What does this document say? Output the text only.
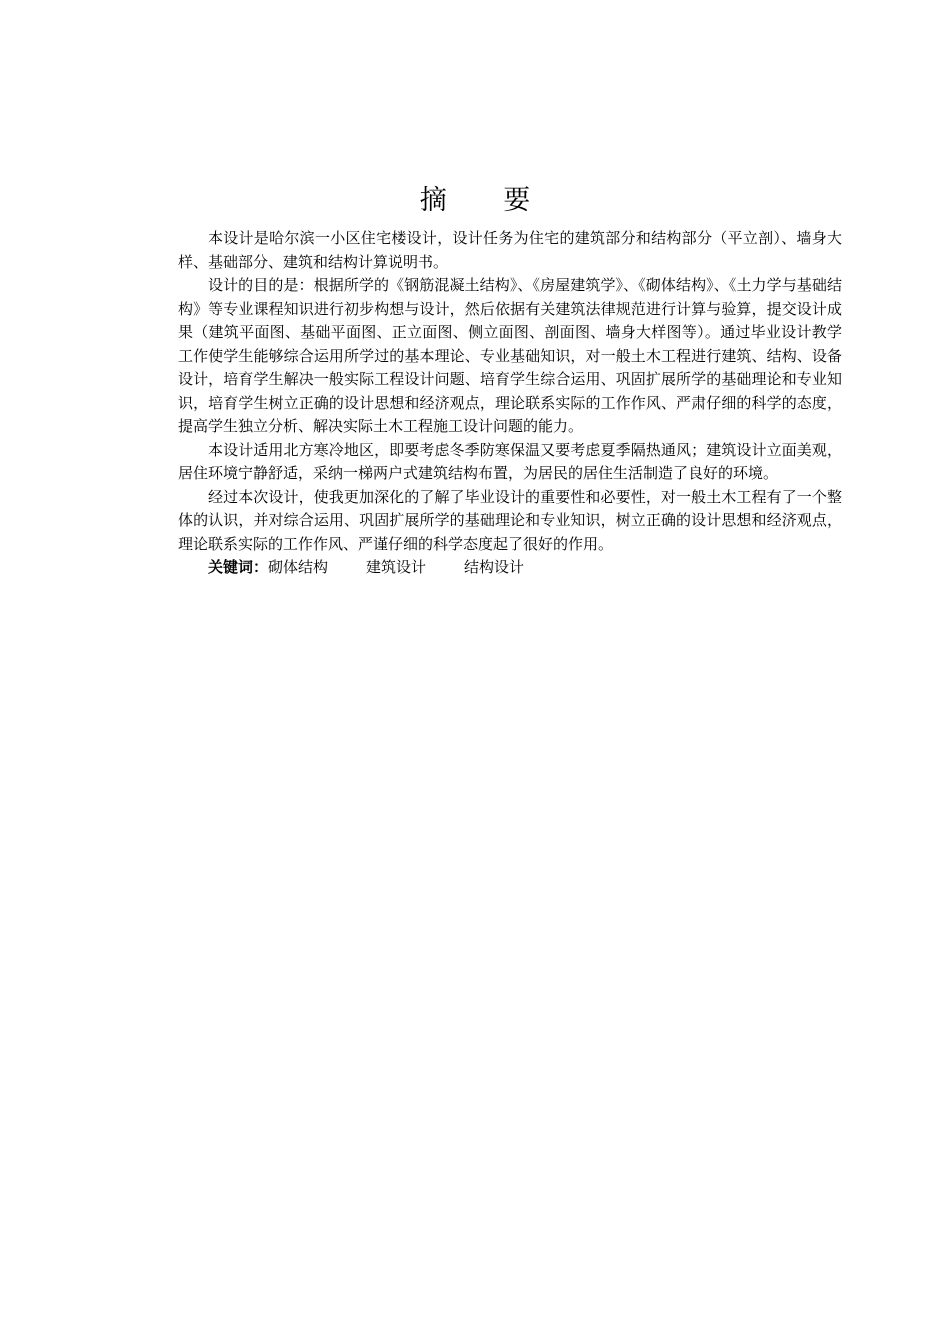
摘 要

本设计是哈尔滨一小区住宅楼设计，设计任务为住宅的建筑部分和结构部分（平立剖）、墙身大样、基础部分、建筑和结构计算说明书。

设计的目的是：根据所学的《钢筋混凝土结构》、《房屋建筑学》、《砌体结构》、《土力学与基础结构》等专业课程知识进行初步构想与设计，然后依据有关建筑法律规范进行计算与验算，提交设计成果（建筑平面图、基础平面图、正立面图、侧立面图、剖面图、墙身大样图等）。通过毕业设计教学工作使学生能够综合运用所学过的基本理论、专业基础知识，对一般土木工程进行建筑、结构、设备设计，培育学生解决一般实际工程设计问题、培育学生综合运用、巩固扩展所学的基础理论和专业知识，培育学生树立正确的设计思想和经济观点，理论联系实际的工作作风、严肃仔细的科学的态度，提高学生独立分析、解决实际土木工程施工设计问题的能力。

本设计适用北方寒冷地区，即要考虑冬季防寒保温又要考虑夏季隔热通风；建筑设计立面美观，居住环境宁静舒适，采纳一梯两户式建筑结构布置，为居民的居住生活制造了良好的环境。

经过本次设计，使我更加深化的了解了毕业设计的重要性和必要性，对一般土木工程有了一个整体的认识，并对综合运用、巩固扩展所学的基础理论和专业知识，树立正确的设计思想和经济观点，理论联系实际的工作作风、严谨仔细的科学态度起了很好的作用。

关键词：砌体结构	建筑设计	结构设计
